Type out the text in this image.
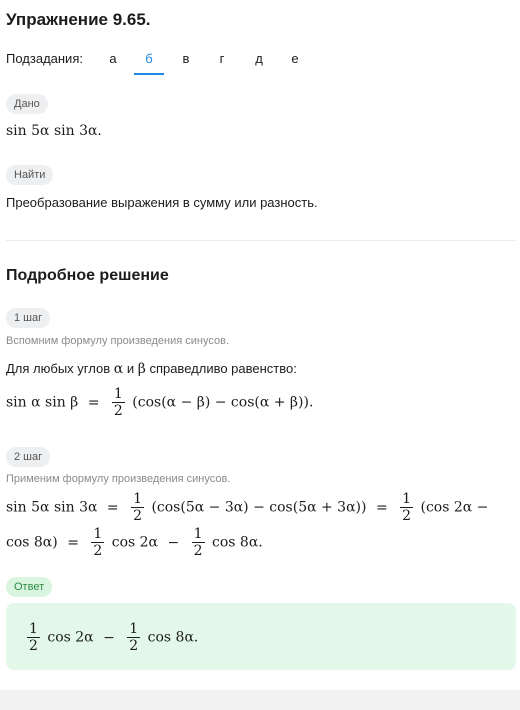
Упражнение 9.65.
Подзадания:	а	б	в	г	д	е
Дано
sin 5α sin 3α.
Найти
Преобразование выражения в сумму или разность.
Подробное решение
1 шаг
Вспомним формулу произведения синусов.
Для любых углов α и β справедливо равенство:
sin α $\sin \beta = \frac{1}{2} (\cos(\alpha - \beta) - \cos(\alpha + \beta))$.
2 шаг
Применим формулу произведения синусов.
sin 5α $\sin 3\alpha = \frac{1}{2} (\cos(5\alpha - 3\alpha) - \cos(5\alpha + 3\alpha)) = \frac{1}{2} (\cos$ 2α −
$\cos 8\alpha) = \frac{1}{2}$ $\cos 2\alpha - \frac{1}{2}$ cos 8α.
Ответ
$\frac{1}{2}$ $\cos 2\alpha - \frac{1}{2}$ cos 8α.
